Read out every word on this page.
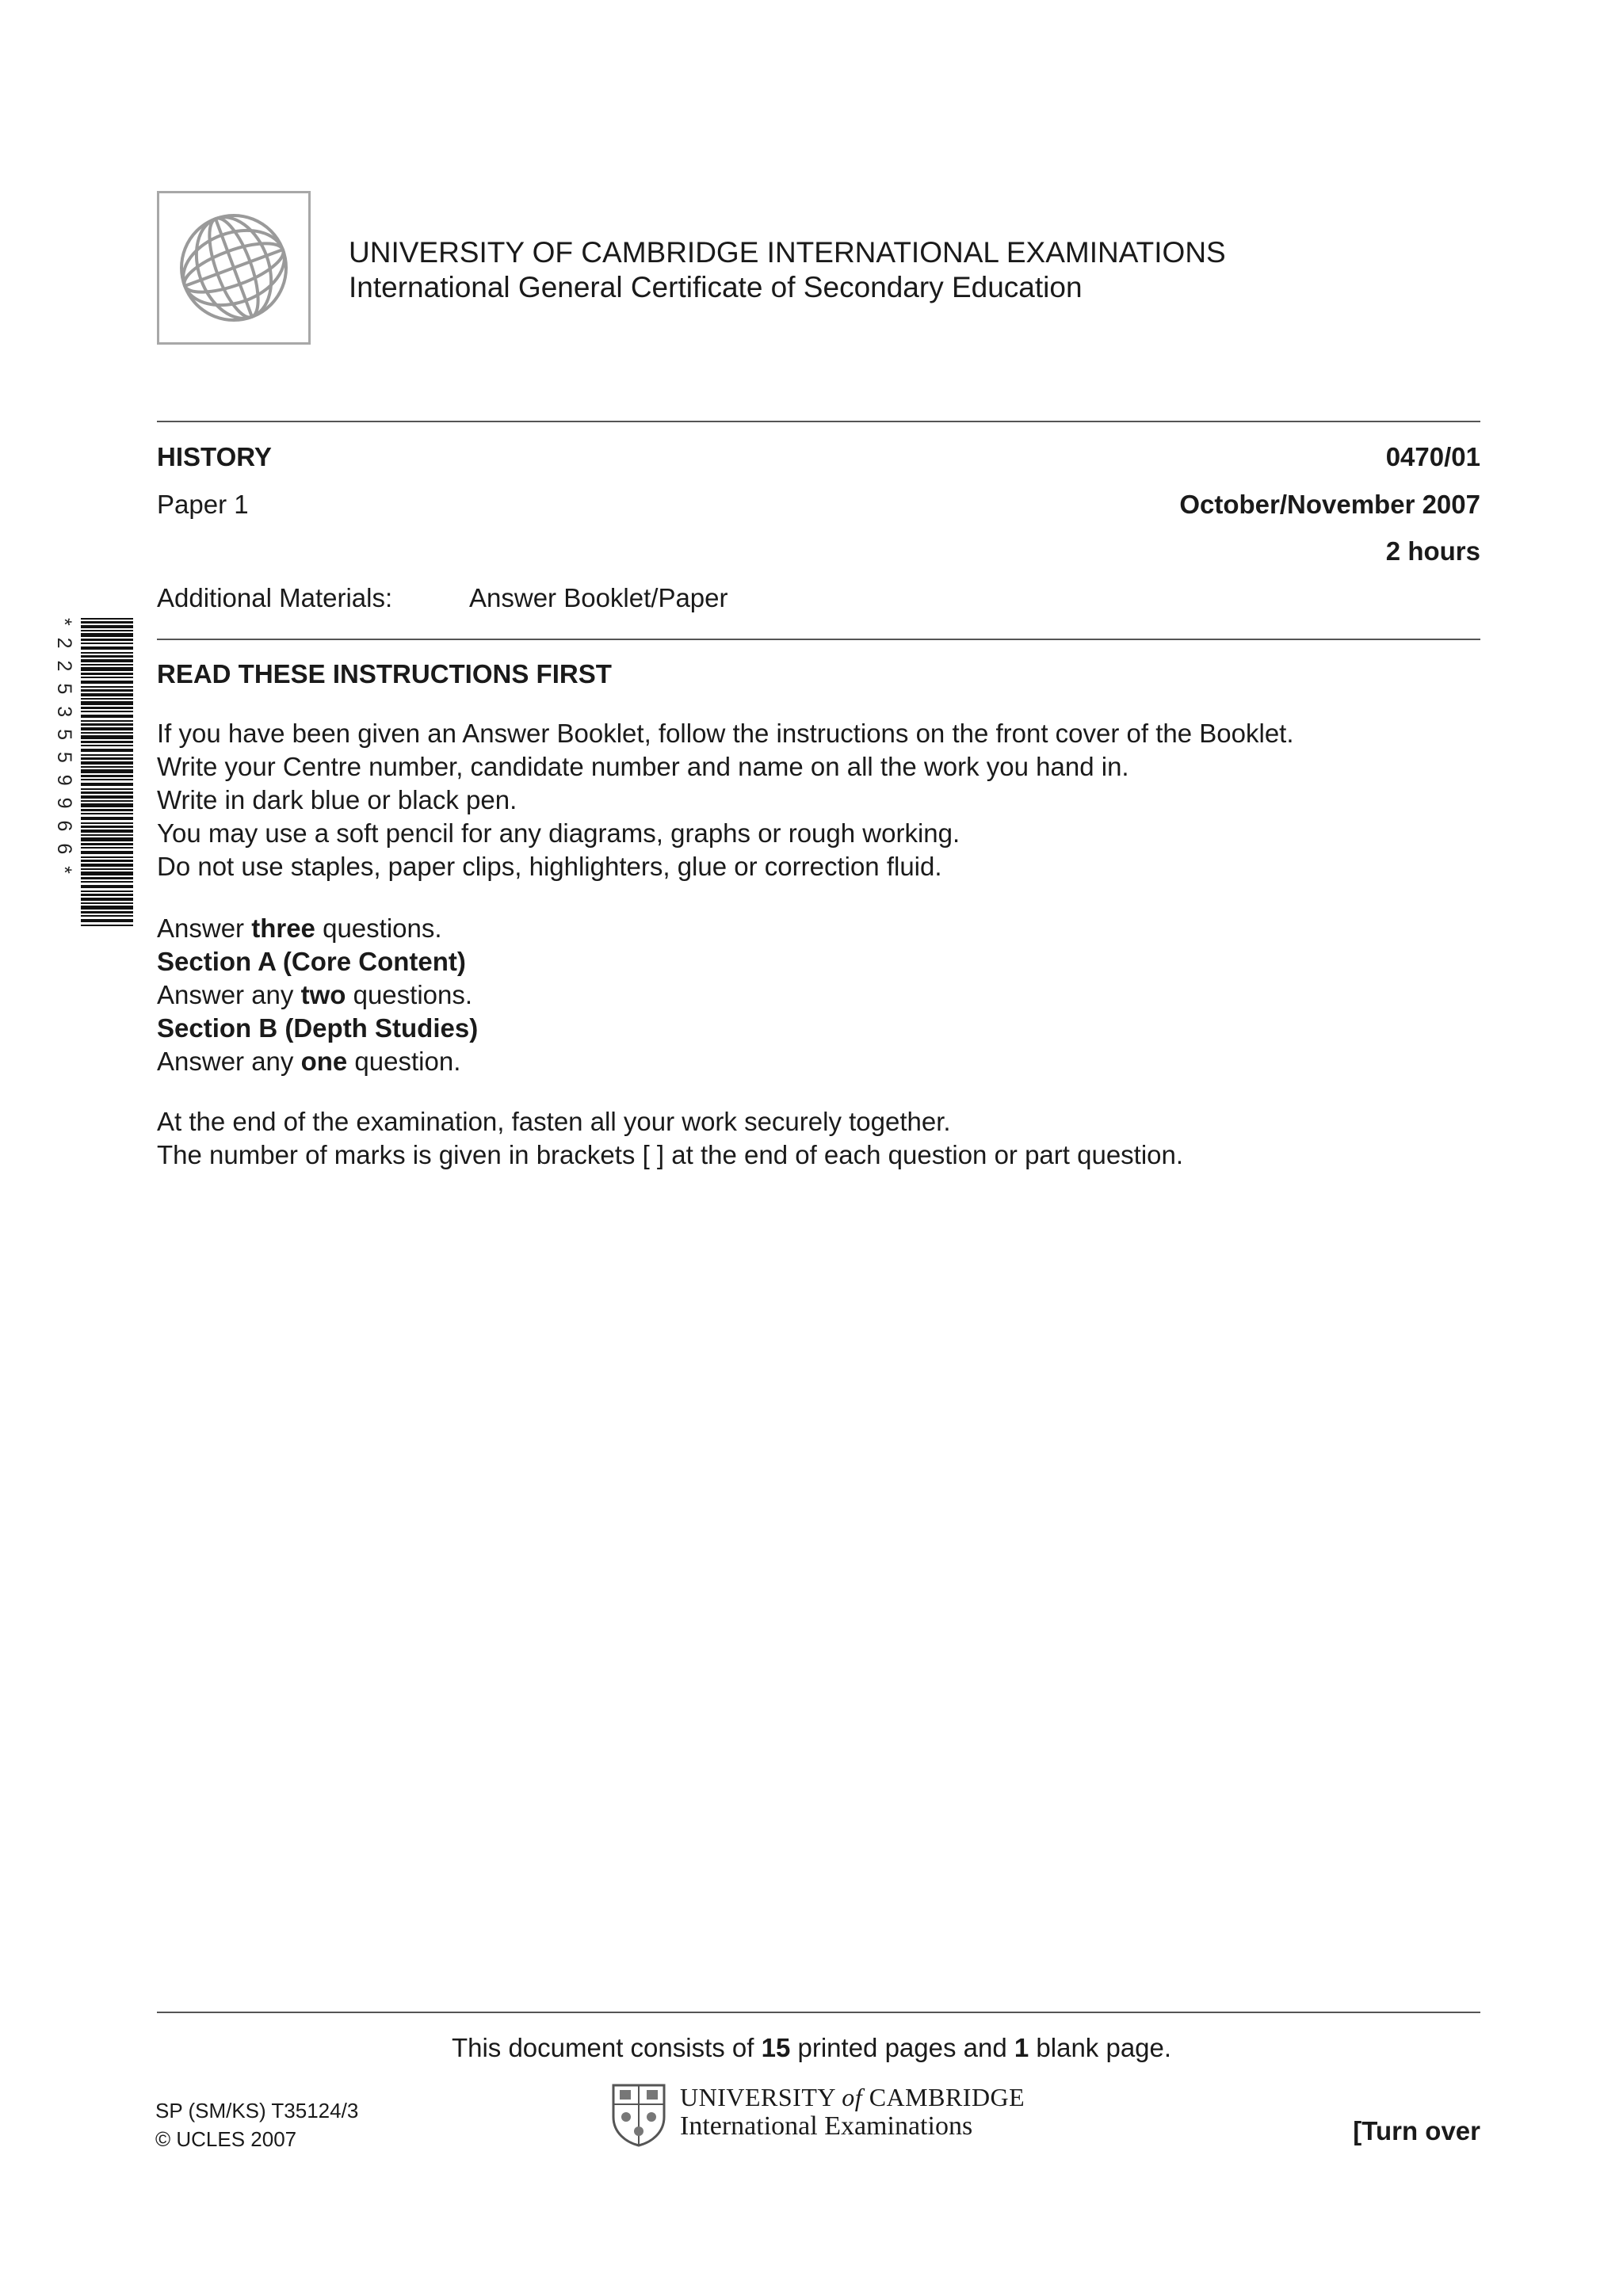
UNIVERSITY OF CAMBRIDGE INTERNATIONAL EXAMINATIONS
International General Certificate of Secondary Education
HISTORY	0470/01
Paper 1	October/November 2007
2 hours
Additional Materials:	Answer Booklet/Paper
* 2 2 5 3 5 5 9 9 6 6 *	READ THESE INSTRUCTIONS FIRST
If you have been given an Answer Booklet, follow the instructions on the front cover of the Booklet.
Write your Centre number, candidate number and name on all the work you hand in.
Write in dark blue or black pen.
You may use a soft pencil for any diagrams, graphs or rough working.
Do not use staples, paper clips, highlighters, glue or correction fluid.
Answer three questions.
Section A (Core Content)
Answer any two questions.
Section B (Depth Studies)
Answer any one question.
At the end of the examination, fasten all your work securely together.
The number of marks is given in brackets [ ] at the end of each question or part question.
This document consists of 15 printed pages and 1 blank page.
SP (SM/KS) T35124/3
© UCLES 2007
UNIVERSITY of CAMBRIDGE
International Examinations	[Turn over
